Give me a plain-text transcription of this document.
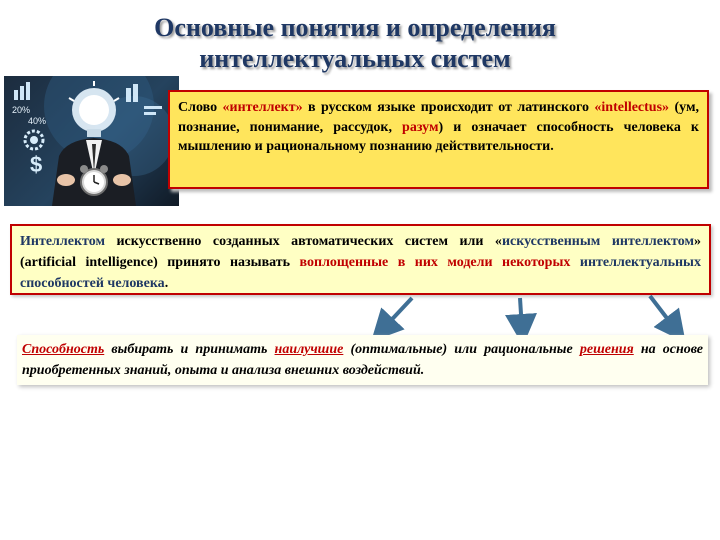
Основные понятия и определения
интеллектуальных систем
20%
40%
$
Слово «интеллект» в русском языке происходит от латинского «intellectus» (ум, познание, понимание, рассудок, разум) и означает способность человека к мышлению и рациональному познанию действительности.
Интеллектом искусственно созданных автоматических систем или «искусственным интеллектом» (artificial intelligence) принято называть воплощенные в них модели некоторых интеллектуальных способностей человека.
Способность выбирать и принимать наилучшие (оптимальные) или рациональные решения на основе приобретенных знаний, опыта и анализа внешних воздействий.
